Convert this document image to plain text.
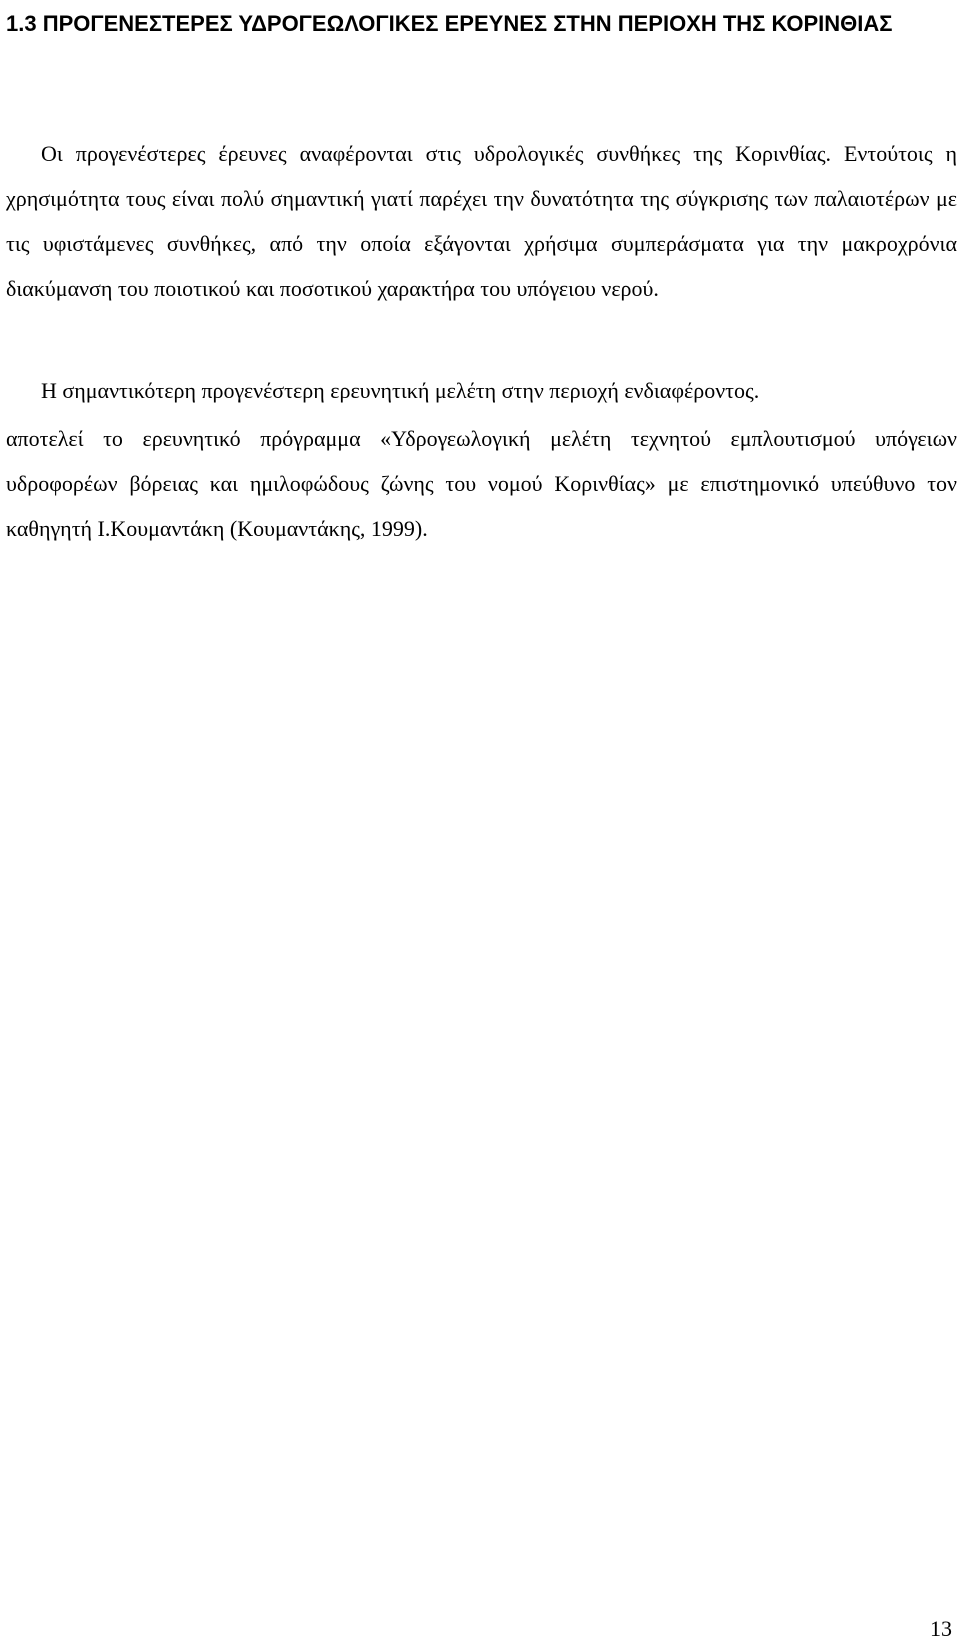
1.3 ΠΡΟΓΕΝΕΣΤΕΡΕΣ ΥΔΡΟΓΕΩΛΟΓΙΚΕΣ ΕΡΕΥΝΕΣ ΣΤΗΝ ΠΕΡΙΟΧΗ ΤΗΣ ΚΟΡΙΝΘΙΑΣ

Οι προγενέστερες έρευνες αναφέρονται στις υδρολογικές συνθήκες της Κορινθίας. Εντούτοις η χρησιμότητα τους είναι πολύ σημαντική γιατί παρέχει την δυνατότητα της σύγκρισης των παλαιοτέρων με τις υφιστάμενες συνθήκες, από την οποία εξάγονται χρήσιμα συμπεράσματα για την μακροχρόνια διακύμανση του ποιοτικού και ποσοτικού χαρακτήρα του υπόγειου νερού.

Η σημαντικότερη προγενέστερη ερευνητική μελέτη στην περιοχή ενδιαφέροντος.

αποτελεί το ερευνητικό πρόγραμμα «Υδρογεωλογική μελέτη τεχνητού εμπλουτισμού υπόγειων υδροφορέων βόρειας και ημιλοφώδους ζώνης του νομού Κορινθίας» με επιστημονικό υπεύθυνο τον καθηγητή Ι.Κουμαντάκη (Κουμαντάκης, 1999).

13
